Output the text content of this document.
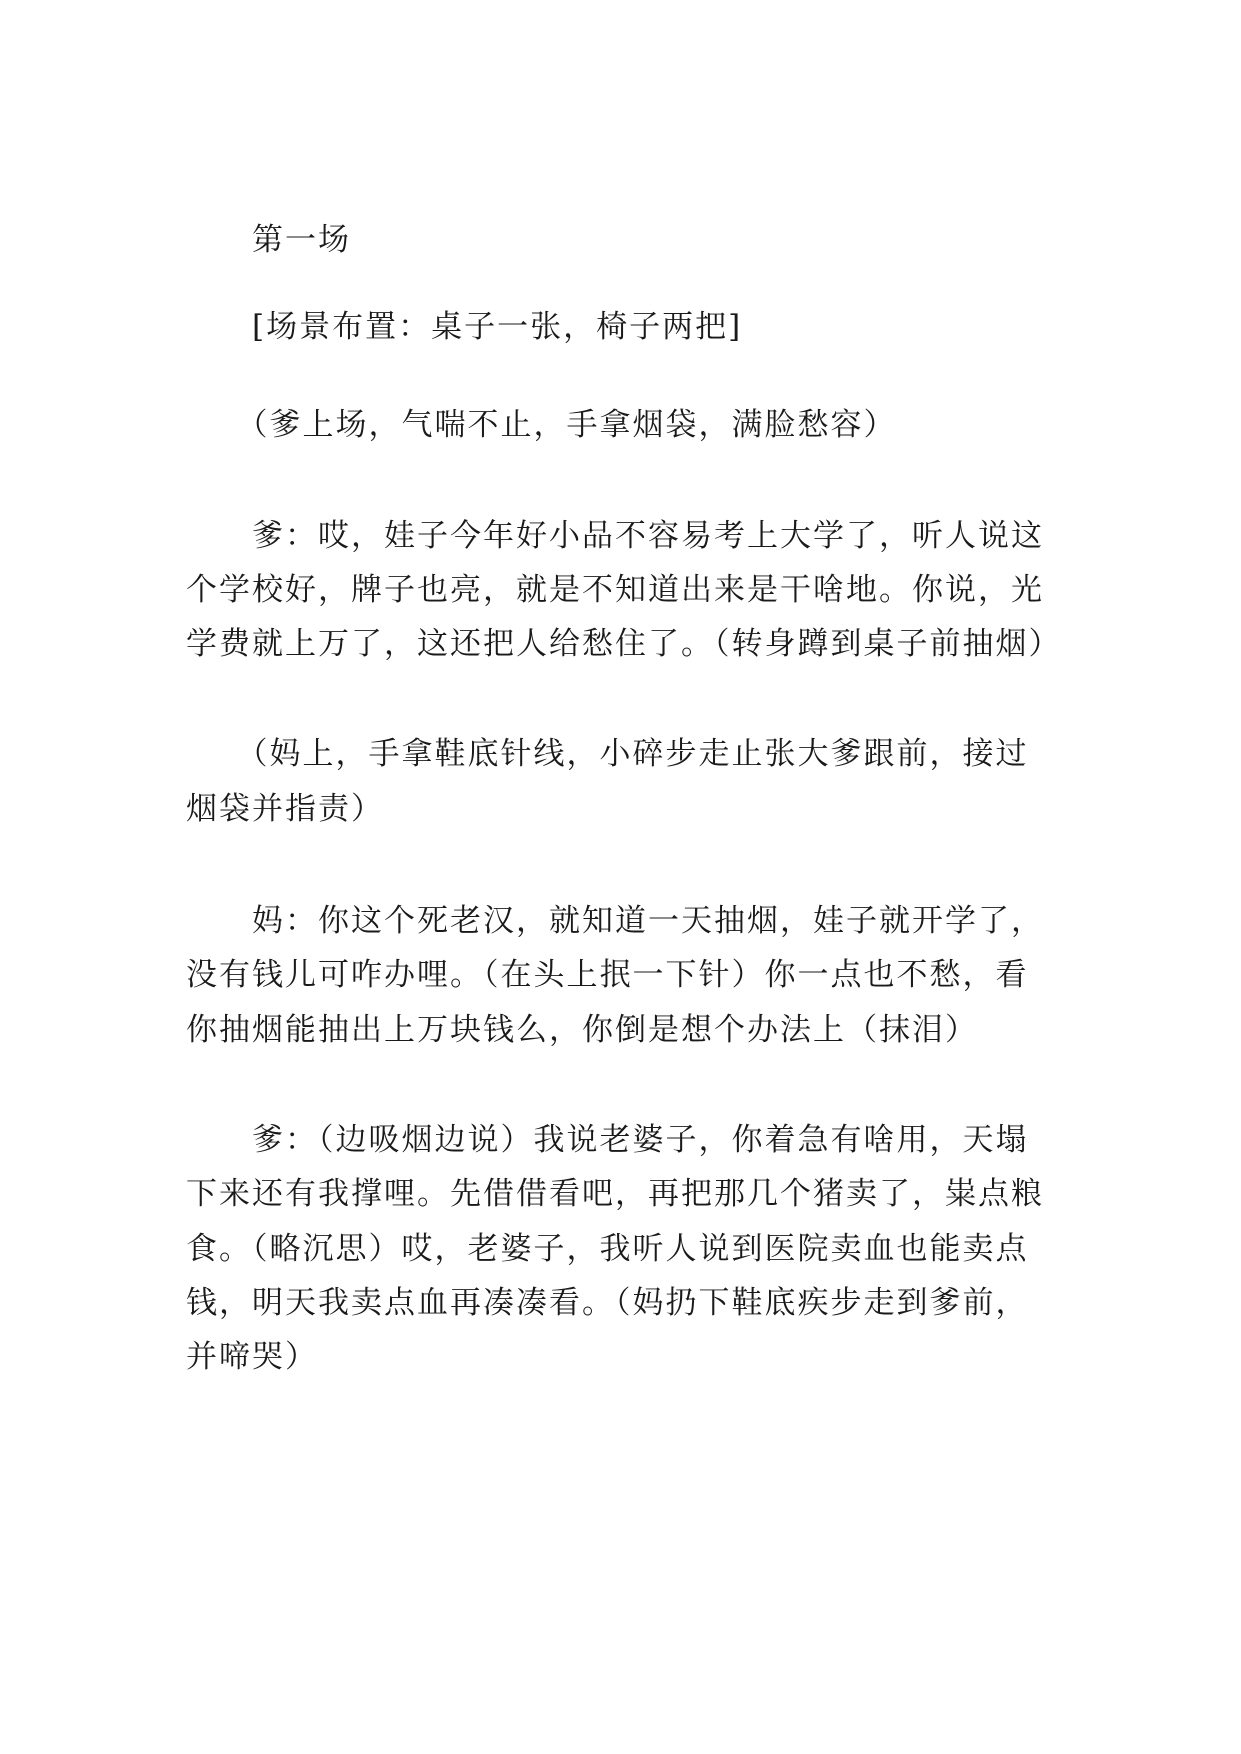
　　第一场
　　[场景布置：桌子一张，椅子两把]
　　（爹上场，气喘不止，手拿烟袋，满脸愁容）
　　爹：哎，娃子今年好小品不容易考上大学了，听人说这
个学校好，牌子也亮，就是不知道出来是干啥地。你说，光
学费就上万了，这还把人给愁住了。（转身蹲到桌子前抽烟）
　　（妈上，手拿鞋底针线，小碎步走止张大爹跟前，接过
烟袋并指责）
　　妈：你这个死老汉，就知道一天抽烟，娃子就开学了，
没有钱儿可咋办哩。（在头上抿一下针）你一点也不愁，看
你抽烟能抽出上万块钱么，你倒是想个办法上（抹泪）
　　爹：（边吸烟边说）我说老婆子，你着急有啥用，天塌
下来还有我撑哩。先借借看吧，再把那几个猪卖了，粜点粮
食。（略沉思）哎，老婆子，我听人说到医院卖血也能卖点
钱，明天我卖点血再凑凑看。（妈扔下鞋底疾步走到爹前，
并啼哭）
